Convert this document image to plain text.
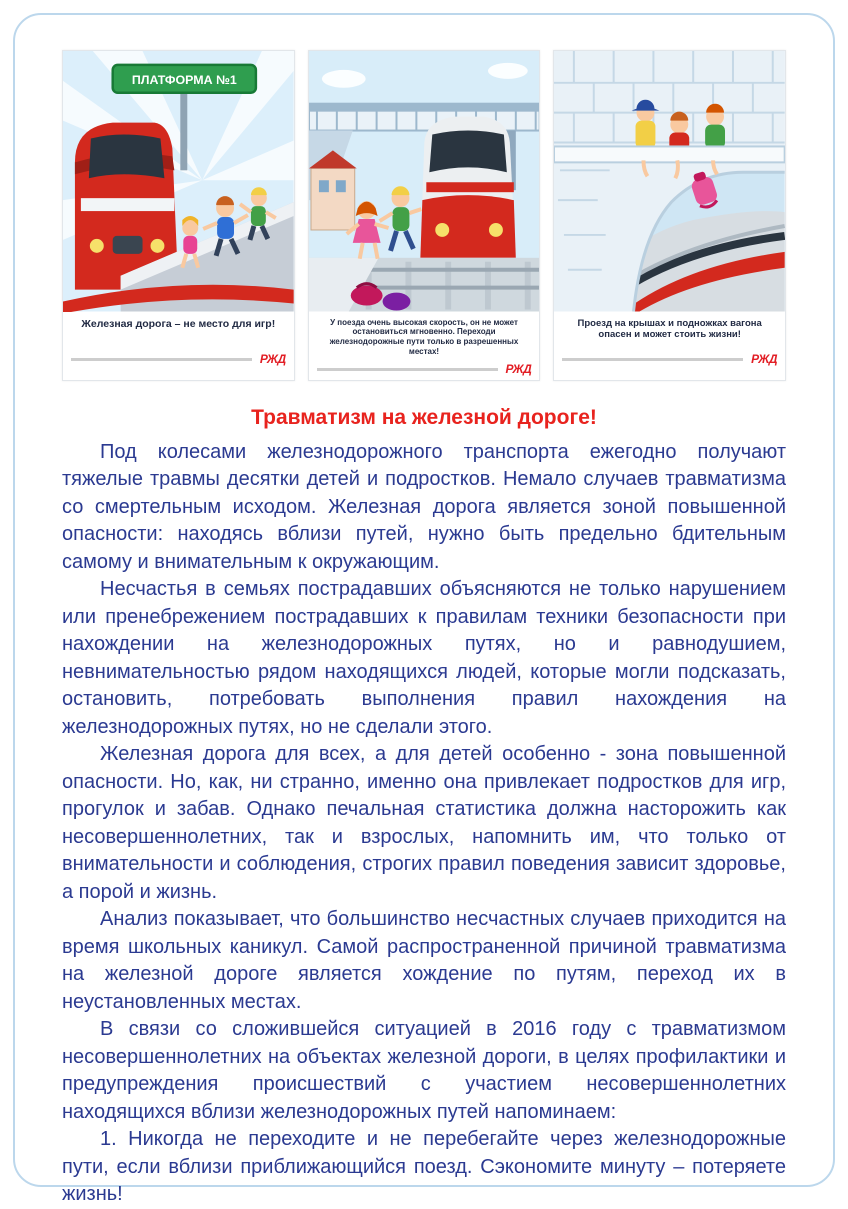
ПЛАТФОРМА №1
Железная дорога – не место для игр!
РЖД
У поезда очень высокая скорость, он не может остановиться мгновенно. Переходи железнодорожные пути только в разрешенных местах!
РЖД
Проезд на крышах и подножках вагона опасен и может стоить жизни!
РЖД
Травматизм на железной дороге!

Под колесами железнодорожного транспорта ежегодно получают тяжелые травмы десятки детей и подростков. Немало случаев травматизма со смертельным исходом. Железная дорога является зоной повышенной опасности: находясь вблизи путей, нужно быть предельно бдительным самому и внимательным к окружающим.

Несчастья в семьях пострадавших объясняются не только нарушением или пренебрежением пострадавших к правилам техники безопасности при нахождении на железнодорожных путях, но и равнодушием, невнимательностью рядом находящихся людей, которые могли подсказать, остановить, потребовать выполнения правил нахождения на железнодорожных путях, но не сделали этого.

Железная дорога для всех, а для детей особенно - зона повышенной опасности. Но, как, ни странно, именно она привлекает подростков для игр, прогулок и забав. Однако печальная статистика должна насторожить как несовершеннолетних, так и взрослых, напомнить им, что только от внимательности и соблюдения, строгих правил поведения зависит здоровье, а порой и жизнь.

Анализ показывает, что большинство несчастных случаев приходится на время школьных каникул. Самой распространенной причиной травматизма на железной дороге является хождение по путям, переход их в неустановленных местах.

В связи со сложившейся ситуацией в 2016 году с травматизмом несовершеннолетних на объектах железной дороги, в целях профилактики и предупреждения происшествий с участием несовершеннолетних находящихся вблизи железнодорожных путей напоминаем:

1. Никогда не переходите и не перебегайте через железнодорожные пути, если вблизи приближающийся поезд. Сэкономите минуту – потеряете жизнь!
